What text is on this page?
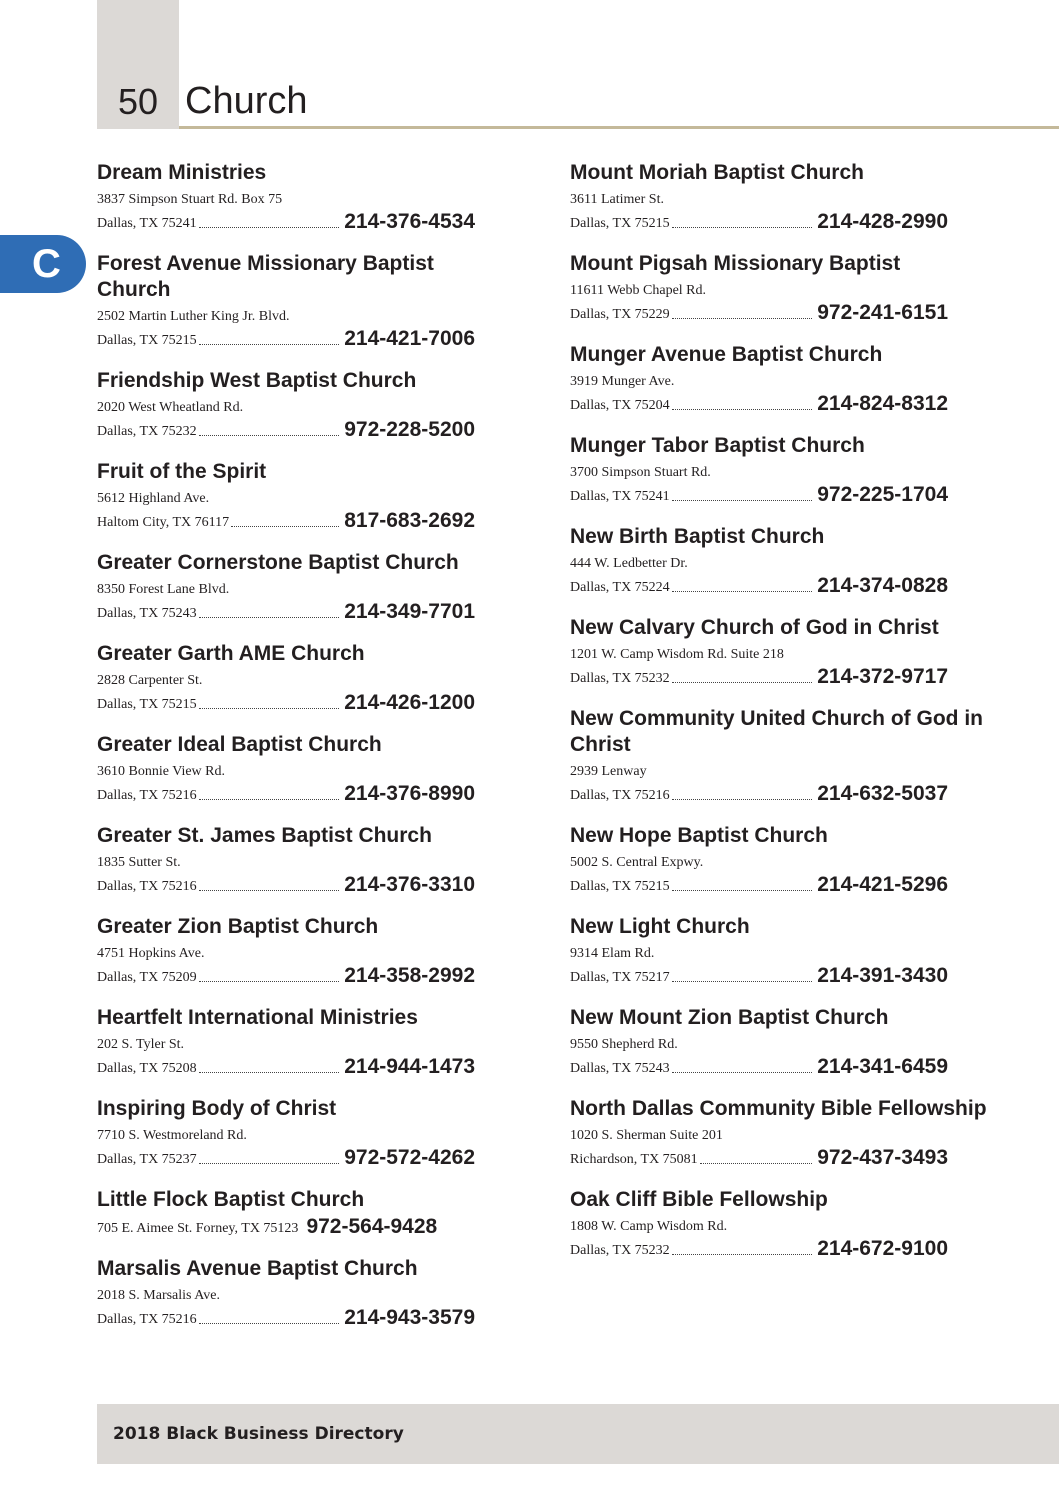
50 Church
C
Dream Ministries
3837 Simpson Stuart Rd. Box 75
Dallas, TX 75241	214-376-4534
Forest Avenue Missionary Baptist Church
2502 Martin Luther King Jr. Blvd.
Dallas, TX 75215	214-421-7006
Friendship West Baptist Church
2020 West Wheatland Rd.
Dallas, TX 75232	972-228-5200
Fruit of the Spirit
5612 Highland Ave.
Haltom City, TX 76117	817-683-2692
Greater Cornerstone Baptist Church
8350 Forest Lane Blvd.
Dallas, TX 75243	214-349-7701
Greater Garth AME Church
2828 Carpenter St.
Dallas, TX 75215	214-426-1200
Greater Ideal Baptist Church
3610 Bonnie View Rd.
Dallas, TX 75216	214-376-8990
Greater St. James Baptist Church
1835 Sutter St.
Dallas, TX 75216	214-376-3310
Greater Zion Baptist Church
4751 Hopkins Ave.
Dallas, TX 75209	214-358-2992
Heartfelt International Ministries
202 S. Tyler St.
Dallas, TX 75208	214-944-1473
Inspiring Body of Christ
7710 S. Westmoreland Rd.
Dallas, TX 75237	972-572-4262
Little Flock Baptist Church
705 E. Aimee St. Forney, TX 75123 972-564-9428
Marsalis Avenue Baptist Church
2018 S. Marsalis Ave.
Dallas, TX 75216	214-943-3579
Mount Moriah Baptist Church
3611 Latimer St.
Dallas, TX 75215	214-428-2990
Mount Pigsah Missionary Baptist
11611 Webb Chapel Rd.
Dallas, TX 75229	972-241-6151
Munger Avenue Baptist Church
3919 Munger Ave.
Dallas, TX 75204	214-824-8312
Munger Tabor Baptist Church
3700 Simpson Stuart Rd.
Dallas, TX 75241	972-225-1704
New Birth Baptist Church
444 W. Ledbetter Dr.
Dallas, TX 75224	214-374-0828
New Calvary Church of God in Christ
1201 W. Camp Wisdom Rd. Suite 218
Dallas, TX 75232	214-372-9717
New Community United Church of God in Christ
2939 Lenway
Dallas, TX 75216	214-632-5037
New Hope Baptist Church
5002 S. Central Expwy.
Dallas, TX 75215	214-421-5296
New Light Church
9314 Elam Rd.
Dallas, TX 75217	214-391-3430
New Mount Zion Baptist Church
9550 Shepherd Rd.
Dallas, TX 75243	214-341-6459
North Dallas Community Bible Fellowship
1020 S. Sherman Suite 201
Richardson, TX 75081	972-437-3493
Oak Cliff Bible Fellowship
1808 W. Camp Wisdom Rd.
Dallas, TX 75232	214-672-9100
2018 Black Business Directory
